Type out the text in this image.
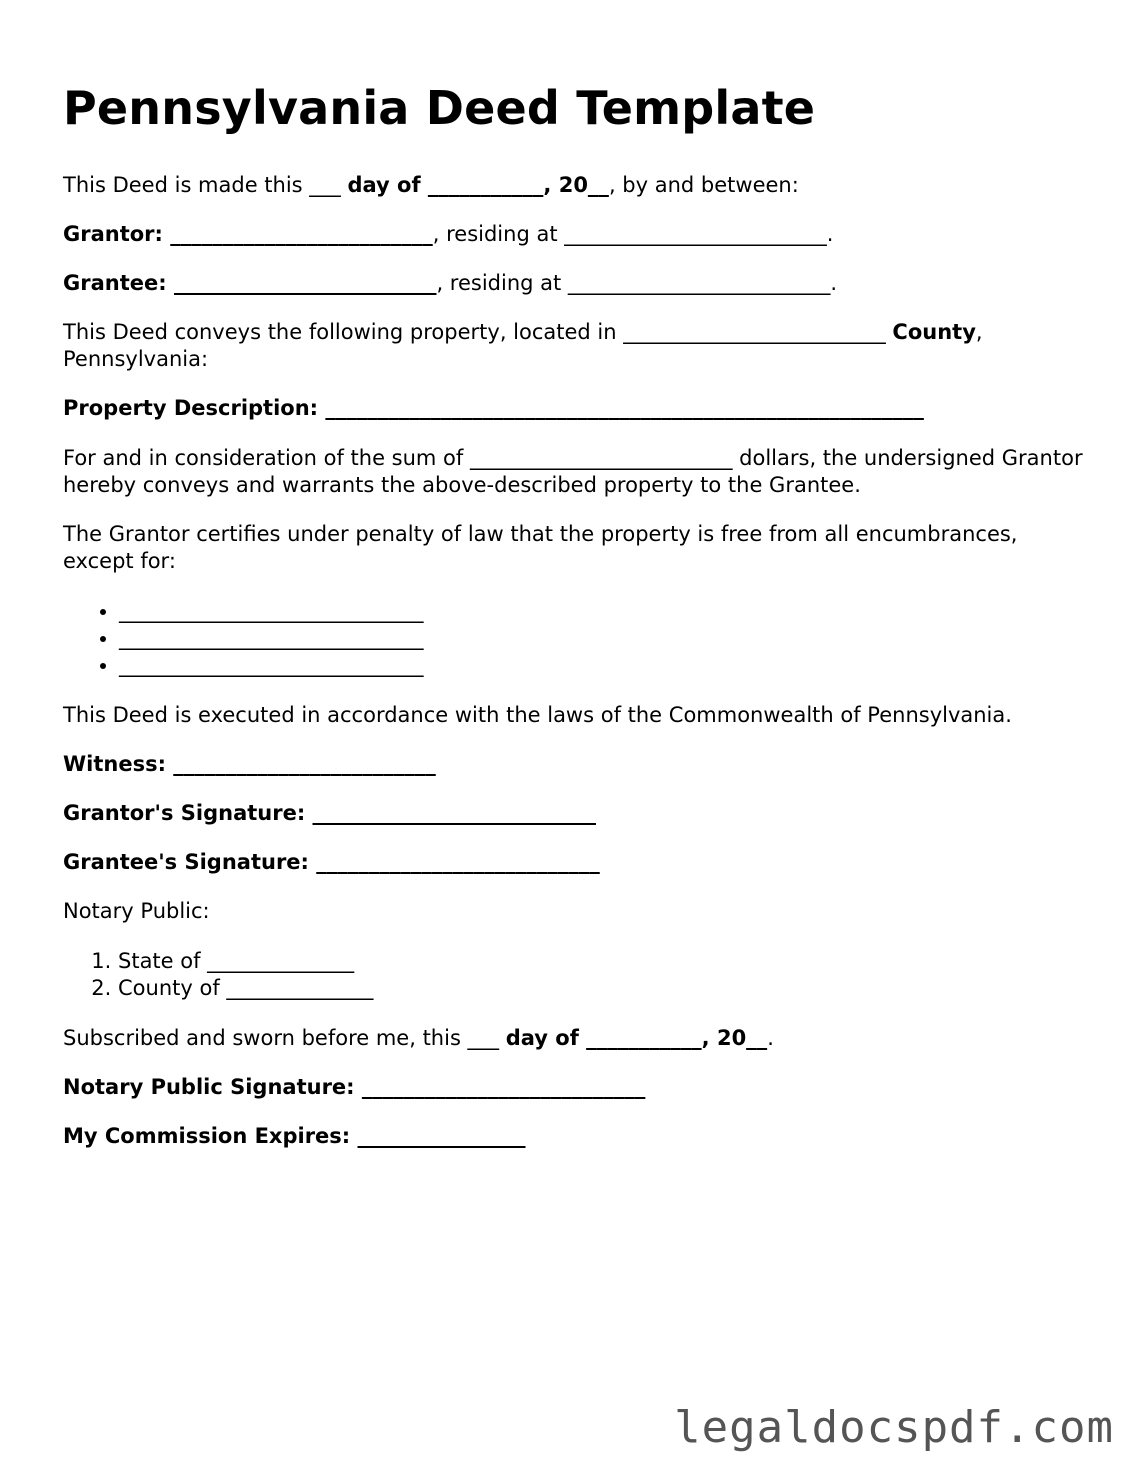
Pennsylvania Deed Template

This Deed is made this ___ day of ___________, 20__, by and between:

Grantor: _________________________, residing at _________________________.

Grantee: _________________________, residing at _________________________.

This Deed conveys the following property, located in _________________________ County, Pennsylvania:

Property Description: _________________________________________________________

For and in consideration of the sum of _________________________ dollars, the undersigned Grantor hereby conveys and warrants the above-described property to the Grantee.

The Grantor certifies under penalty of law that the property is free from all encumbrances, except for:

• _____________________________
• _____________________________
• _____________________________

This Deed is executed in accordance with the laws of the Commonwealth of Pennsylvania.

Witness: _________________________

Grantor's Signature: ___________________________

Grantee's Signature: ___________________________

Notary Public:

1. State of ______________
2. County of ______________

Subscribed and sworn before me, this ___ day of ___________, 20__.

Notary Public Signature: ___________________________

My Commission Expires: ________________

legaldocspdf.com
